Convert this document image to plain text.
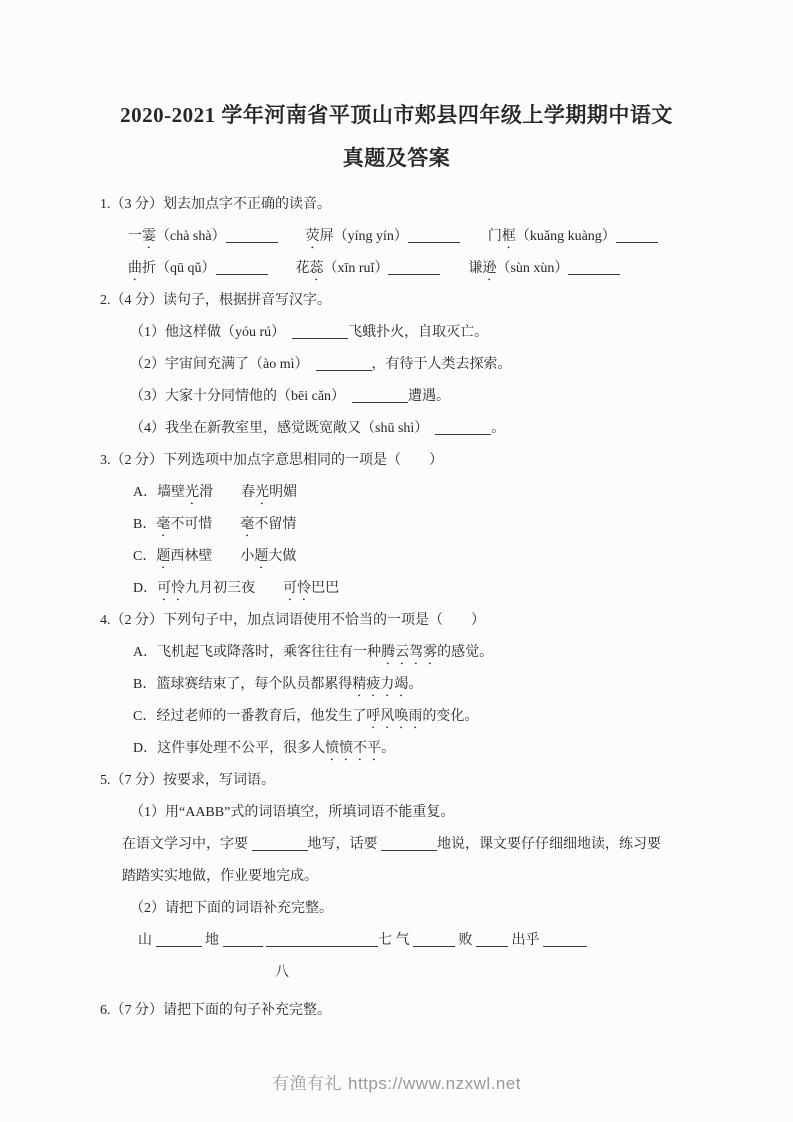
2020-2021 学年河南省平顶山市郏县四年级上学期期中语文
真题及答案
1.（3 分）划去加点字不正确的读音。
一霎（chà shà）　　	荧屏（yíng yín）	　　门框（kuǎng kuàng）
曲折（qū qǔ）	　　花蕊（xīn ruǐ）	　　谦逊（sùn xùn）
2.（4 分）读句子，根据拼音写汉字。
（1）他这样做（yóu rú）　	飞蛾扑火，自取灭亡。
（2）宇宙间充满了（ào mì）　	，有待于人类去探索。
（3）大家十分同情他的（bēi cǎn）　	遭遇。
（4）我坐在新教室里，感觉既宽敞又（shū shì）　	。
3.（2 分）下列选项中加点字意思相同的一项是（　　）
A．墙壁光滑　　春光明媚
B．毫不可惜　　毫不留情
C．题西林壁　　小题大做
D．可怜九月初三夜　　可怜巴巴
4.（2 分）下列句子中，加点词语使用不恰当的一项是（　　）
A．飞机起飞或降落时，乘客往往有一种腾云驾雾的感觉。
B．篮球赛结束了，每个队员都累得精疲力竭。
C．经过老师的一番教育后，他发生了呼风唤雨的变化。
D．这件事处理不公平，很多人愤愤不平。
5.（7 分）按要求，写词语。
（1）用“AABB”式的词语填空，所填词语不能重复。
在语文学习中，字要	地写，话要	地说，课文要仔仔细细地读，练习要
踏踏实实地做，作业要地完成。
（2）请把下面的词语补充完整。
山	地	七 气	败  出乎
八
6.（7 分）请把下面的句子补充完整。
有渔有礼 https://www.nzxwl.net
